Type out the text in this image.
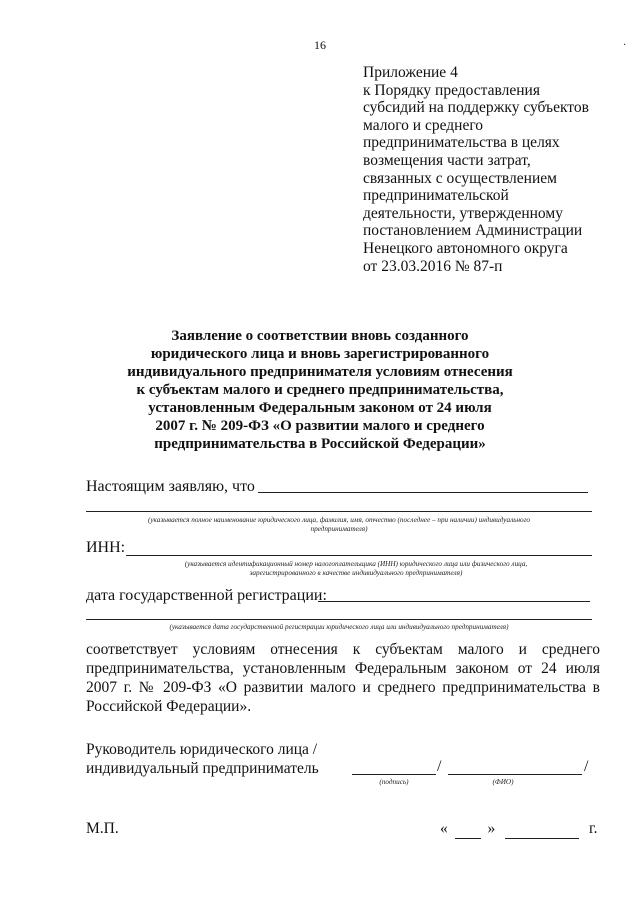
16	·
Приложение 4
к Порядку предоставления
субсидий на поддержку субъектов
малого и среднего
предпринимательства в целях
возмещения части затрат,
связанных с осуществлением
предпринимательской
деятельности, утвержденному
постановлением Администрации
Ненецкого автономного округа
от 23.03.2016 № 87-п
Заявление о соответствии вновь созданного
юридического лица и вновь зарегистрированного
индивидуального предпринимателя условиям отнесения
к субъектам малого и среднего предпринимательства,
установленным Федеральным законом от 24 июля
2007 г. № 209-ФЗ «О развитии малого и среднего
предпринимательства в Российской Федерации»
Настоящим заявляю, что
(указывается полное наименование юридического лица, фамилия, имя, отчество (последнее – при наличии) индивидуального
предпринимателя)
ИНН:
(указывается идентификационный номер налогоплательщика (ИНН) юридического лица или физического лица,
зарегистрированного в качестве индивидуального предпринимателя)
дата государственной регистрации:
(указывается дата государственной регистрации юридического лица или индивидуального предпринимателя)
соответствует условиям отнесения к субъектам малого и среднего
предпринимательства, установленным Федеральным законом от 24 июля
2007 г. № 209-ФЗ «О развитии малого и среднего предпринимательства в
Российской Федерации».
Руководитель юридического лица /
индивидуальный предприниматель	/	/
(подпись)	(ФИО)
М.П.	«	»	г.
